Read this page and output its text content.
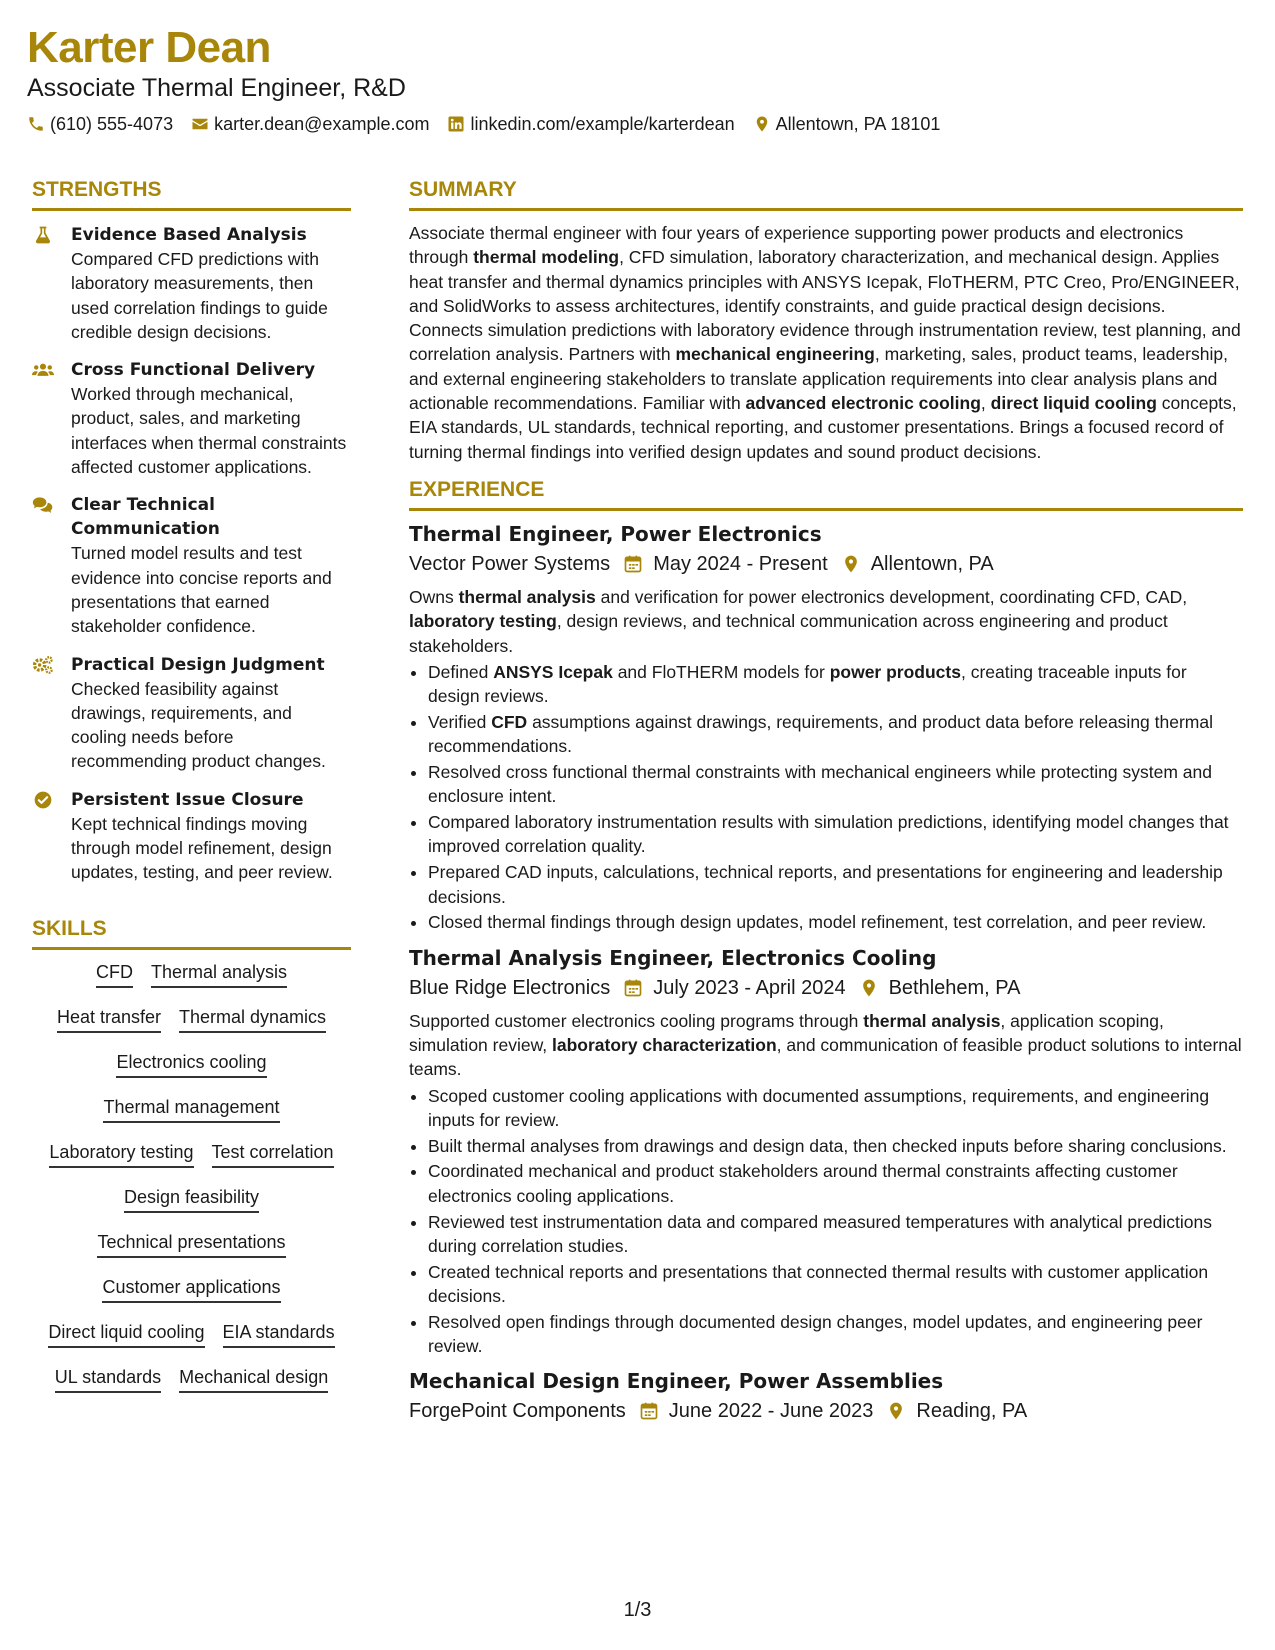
Karter Dean
Associate Thermal Engineer, R&D
(610) 555-4073 karter.dean@example.com linkedin.com/example/karterdean Allentown, PA 18101
STRENGTHS
Evidence Based Analysis
Compared CFD predictions with laboratory measurements, then used correlation findings to guide credible design decisions.
Cross Functional Delivery
Worked through mechanical, product, sales, and marketing interfaces when thermal constraints affected customer applications.
Clear Technical Communication
Turned model results and test evidence into concise reports and presentations that earned stakeholder confidence.
Practical Design Judgment
Checked feasibility against drawings, requirements, and cooling needs before recommending product changes.
Persistent Issue Closure
Kept technical findings moving through model refinement, design updates, testing, and peer review.
SKILLS
CFD Thermal analysis
Heat transfer Thermal dynamics
Electronics cooling
Thermal management
Laboratory testing Test correlation
Design feasibility
Technical presentations
Customer applications
Direct liquid cooling EIA standards
UL standards Mechanical design
SUMMARY
Associate thermal engineer with four years of experience supporting power products and electronics through thermal modeling, CFD simulation, laboratory characterization, and mechanical design. Applies heat transfer and thermal dynamics principles with ANSYS Icepak, FloTHERM, PTC Creo, Pro/ENGINEER, and SolidWorks to assess architectures, identify constraints, and guide practical design decisions. Connects simulation predictions with laboratory evidence through instrumentation review, test planning, and correlation analysis. Partners with mechanical engineering, marketing, sales, product teams, leadership, and external engineering stakeholders to translate application requirements into clear analysis plans and actionable recommendations. Familiar with advanced electronic cooling, direct liquid cooling concepts, EIA standards, UL standards, technical reporting, and customer presentations. Brings a focused record of turning thermal findings into verified design updates and sound product decisions.
EXPERIENCE
Thermal Engineer, Power Electronics
Vector Power Systems May 2024 - Present Allentown, PA
Owns thermal analysis and verification for power electronics development, coordinating CFD, CAD, laboratory testing, design reviews, and technical communication across engineering and product stakeholders.
• Defined ANSYS Icepak and FloTHERM models for power products, creating traceable inputs for design reviews.
• Verified CFD assumptions against drawings, requirements, and product data before releasing thermal recommendations.
• Resolved cross functional thermal constraints with mechanical engineers while protecting system and enclosure intent.
• Compared laboratory instrumentation results with simulation predictions, identifying model changes that improved correlation quality.
• Prepared CAD inputs, calculations, technical reports, and presentations for engineering and leadership decisions.
• Closed thermal findings through design updates, model refinement, test correlation, and peer review.
Thermal Analysis Engineer, Electronics Cooling
Blue Ridge Electronics July 2023 - April 2024 Bethlehem, PA
Supported customer electronics cooling programs through thermal analysis, application scoping, simulation review, laboratory characterization, and communication of feasible product solutions to internal teams.
• Scoped customer cooling applications with documented assumptions, requirements, and engineering inputs for review.
• Built thermal analyses from drawings and design data, then checked inputs before sharing conclusions.
• Coordinated mechanical and product stakeholders around thermal constraints affecting customer electronics cooling applications.
• Reviewed test instrumentation data and compared measured temperatures with analytical predictions during correlation studies.
• Created technical reports and presentations that connected thermal results with customer application decisions.
• Resolved open findings through documented design changes, model updates, and engineering peer review.
Mechanical Design Engineer, Power Assemblies
ForgePoint Components June 2022 - June 2023 Reading, PA
1/3
